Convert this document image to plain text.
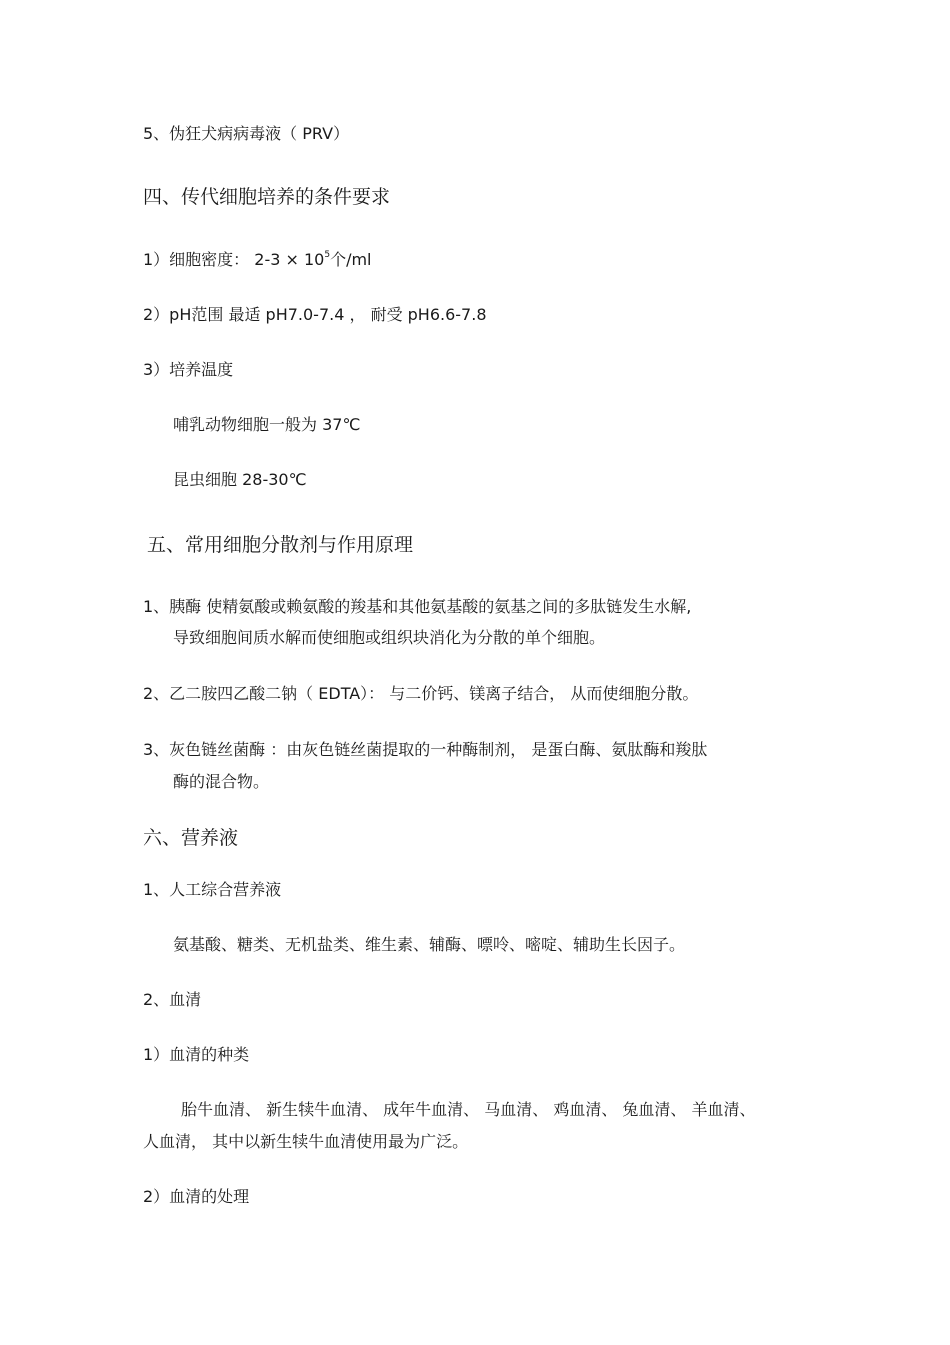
5、伪狂犬病病毒液（ PRV）
四、传代细胞培养的条件要求
1）细胞密度： $2-3 \times 10^5$个/ml
2）pH范围 最适 pH7.0-7.4 ， 耐受 pH6.6-7.8
3）培养温度
哺乳动物细胞一般为 37℃
昆虫细胞 28-30℃
五、常用细胞分散剂与作用原理
1、胰酶 使精氨酸或赖氨酸的羧基和其他氨基酸的氨基之间的多肽链发生水解,
导致细胞间质水解而使细胞或组织块消化为分散的单个细胞。
2、乙二胺四乙酸二钠（ EDTA）： 与二价钙、镁离子结合， 从而使细胞分散。
3、灰色链丝菌酶 ：由灰色链丝菌提取的一种酶制剂， 是蛋白酶、氨肽酶和羧肽
酶的混合物。
六、营养液
1、人工综合营养液
氨基酸、糖类、无机盐类、维生素、辅酶、嘌呤、嘧啶、辅助生长因子。
2、血清
1）血清的种类
胎牛血清、 新生犊牛血清、 成年牛血清、 马血清、 鸡血清、 兔血清、 羊血清、
人血清， 其中以新生犊牛血清使用最为广泛。
2）血清的处理
